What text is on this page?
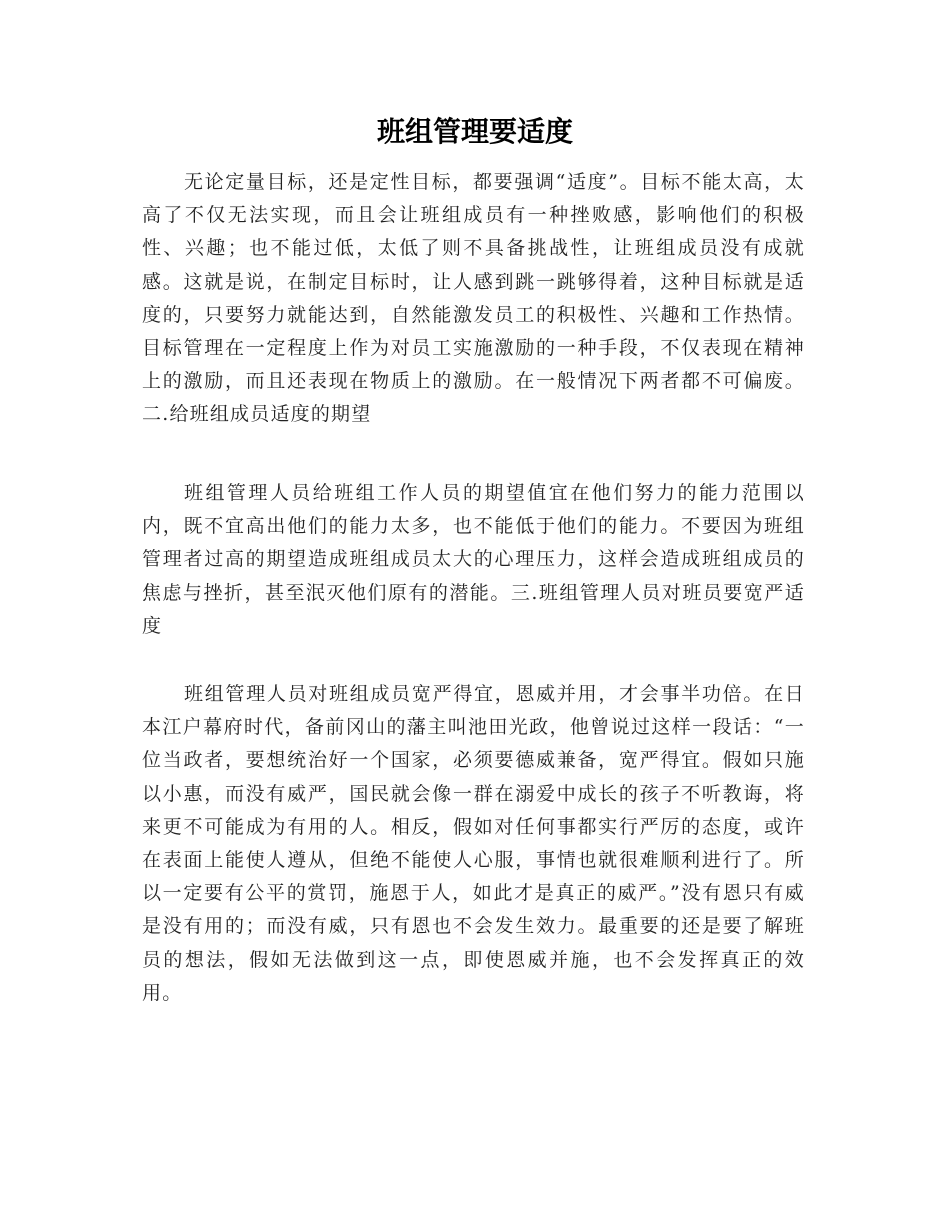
班组管理要适度

无论定量目标，还是定性目标，都要强调“适度”。目标不能太高，太高了不仅无法实现，而且会让班组成员有一种挫败感，影响他们的积极性、兴趣；也不能过低，太低了则不具备挑战性，让班组成员没有成就感。这就是说，在制定目标时，让人感到跳一跳够得着，这种目标就是适度的，只要努力就能达到，自然能激发员工的积极性、兴趣和工作热情。目标管理在一定程度上作为对员工实施激励的一种手段，不仅表现在精神上的激励，而且还表现在物质上的激励。在一般情况下两者都不可偏废。二.给班组成员适度的期望

班组管理人员给班组工作人员的期望值宜在他们努力的能力范围以内，既不宜高出他们的能力太多，也不能低于他们的能力。不要因为班组管理者过高的期望造成班组成员太大的心理压力，这样会造成班组成员的焦虑与挫折，甚至泯灭他们原有的潜能。三.班组管理人员对班员要宽严适度

班组管理人员对班组成员宽严得宜，恩威并用，才会事半功倍。在日本江户幕府时代，备前冈山的藩主叫池田光政，他曾说过这样一段话：“一位当政者，要想统治好一个国家，必须要德威兼备，宽严得宜。假如只施以小惠，而没有威严，国民就会像一群在溺爱中成长的孩子不听教诲，将来更不可能成为有用的人。相反，假如对任何事都实行严厉的态度，或许在表面上能使人遵从，但绝不能使人心服，事情也就很难顺利进行了。所以一定要有公平的赏罚，施恩于人，如此才是真正的威严。”没有恩只有威是没有用的；而没有威，只有恩也不会发生效力。最重要的还是要了解班员的想法，假如无法做到这一点，即使恩威并施，也不会发挥真正的效用。
